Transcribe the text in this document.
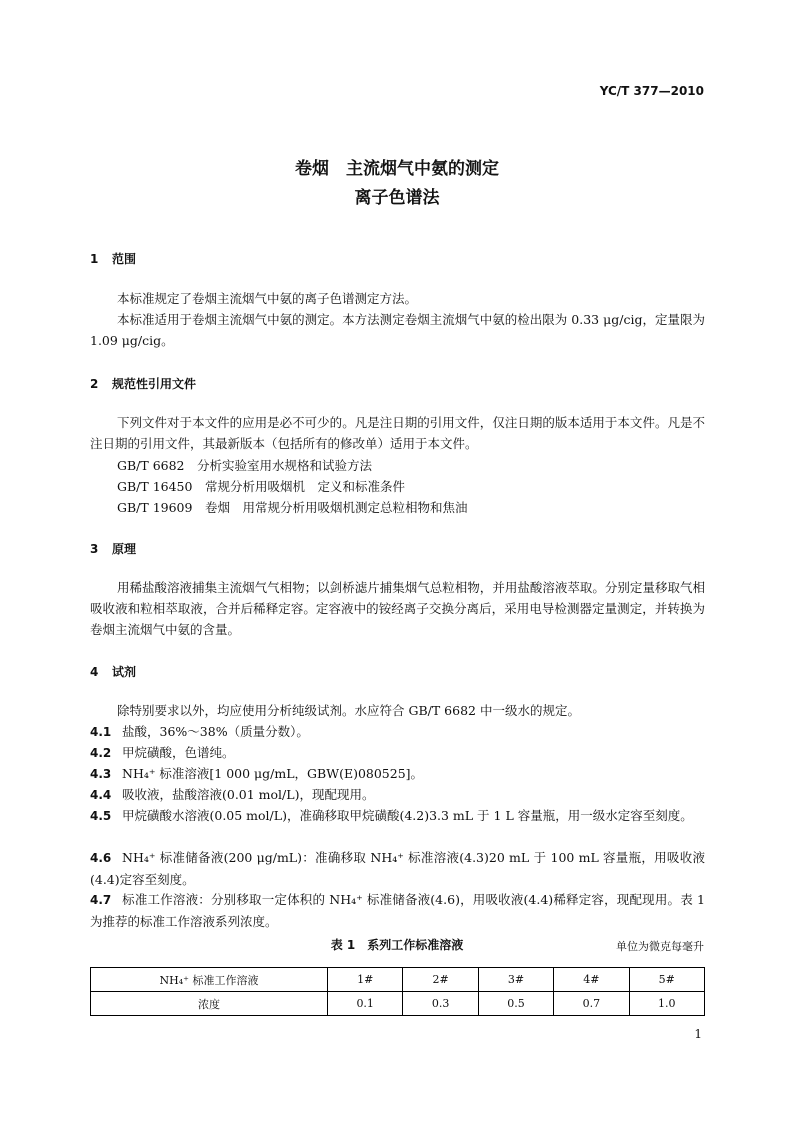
YC/T 377—2010
卷烟　主流烟气中氨的测定
离子色谱法
1 范围
本标准规定了卷烟主流烟气中氨的离子色谱测定方法。
本标准适用于卷烟主流烟气中氨的测定。本方法测定卷烟主流烟气中氨的检出限为 0.33 μg/cig，定量限为 1.09 μg/cig。
2 规范性引用文件
下列文件对于本文件的应用是必不可少的。凡是注日期的引用文件，仅注日期的版本适用于本文件。凡是不注日期的引用文件，其最新版本（包括所有的修改单）适用于本文件。
GB/T 6682　分析实验室用水规格和试验方法
GB/T 16450　常规分析用吸烟机　定义和标准条件
GB/T 19609　卷烟　用常规分析用吸烟机测定总粒相物和焦油
3 原理
用稀盐酸溶液捕集主流烟气气相物；以剑桥滤片捕集烟气总粒相物，并用盐酸溶液萃取。分别定量移取气相吸收液和粒相萃取液，合并后稀释定容。定容液中的铵经离子交换分离后，采用电导检测器定量测定，并转换为卷烟主流烟气中氨的含量。
4 试剂
除特别要求以外，均应使用分析纯级试剂。水应符合 GB/T 6682 中一级水的规定。
4.1 盐酸，36%～38%（质量分数）。
4.2 甲烷磺酸，色谱纯。
4.3 NH₄⁺ 标准溶液[1 000 μg/mL，GBW(E)080525]。
4.4 吸收液，盐酸溶液(0.01 mol/L)，现配现用。
4.5 甲烷磺酸水溶液(0.05 mol/L)，准确移取甲烷磺酸(4.2)3.3 mL 于 1 L 容量瓶，用一级水定容至刻度。
4.6 NH₄⁺ 标准储备液(200 μg/mL)：准确移取 NH₄⁺ 标准溶液(4.3)20 mL 于 100 mL 容量瓶，用吸收液(4.4)定容至刻度。
4.7 标准工作溶液：分别移取一定体积的 NH₄⁺ 标准储备液(4.6)，用吸收液(4.4)稀释定容，现配现用。表 1 为推荐的标准工作溶液系列浓度。
表 1　系列工作标准溶液	单位为微克每毫升
NH₄⁺ 标准工作溶液	1#	2#	3#	4#	5#
浓度	0.1	0.3	0.5	0.7	1.0
1
